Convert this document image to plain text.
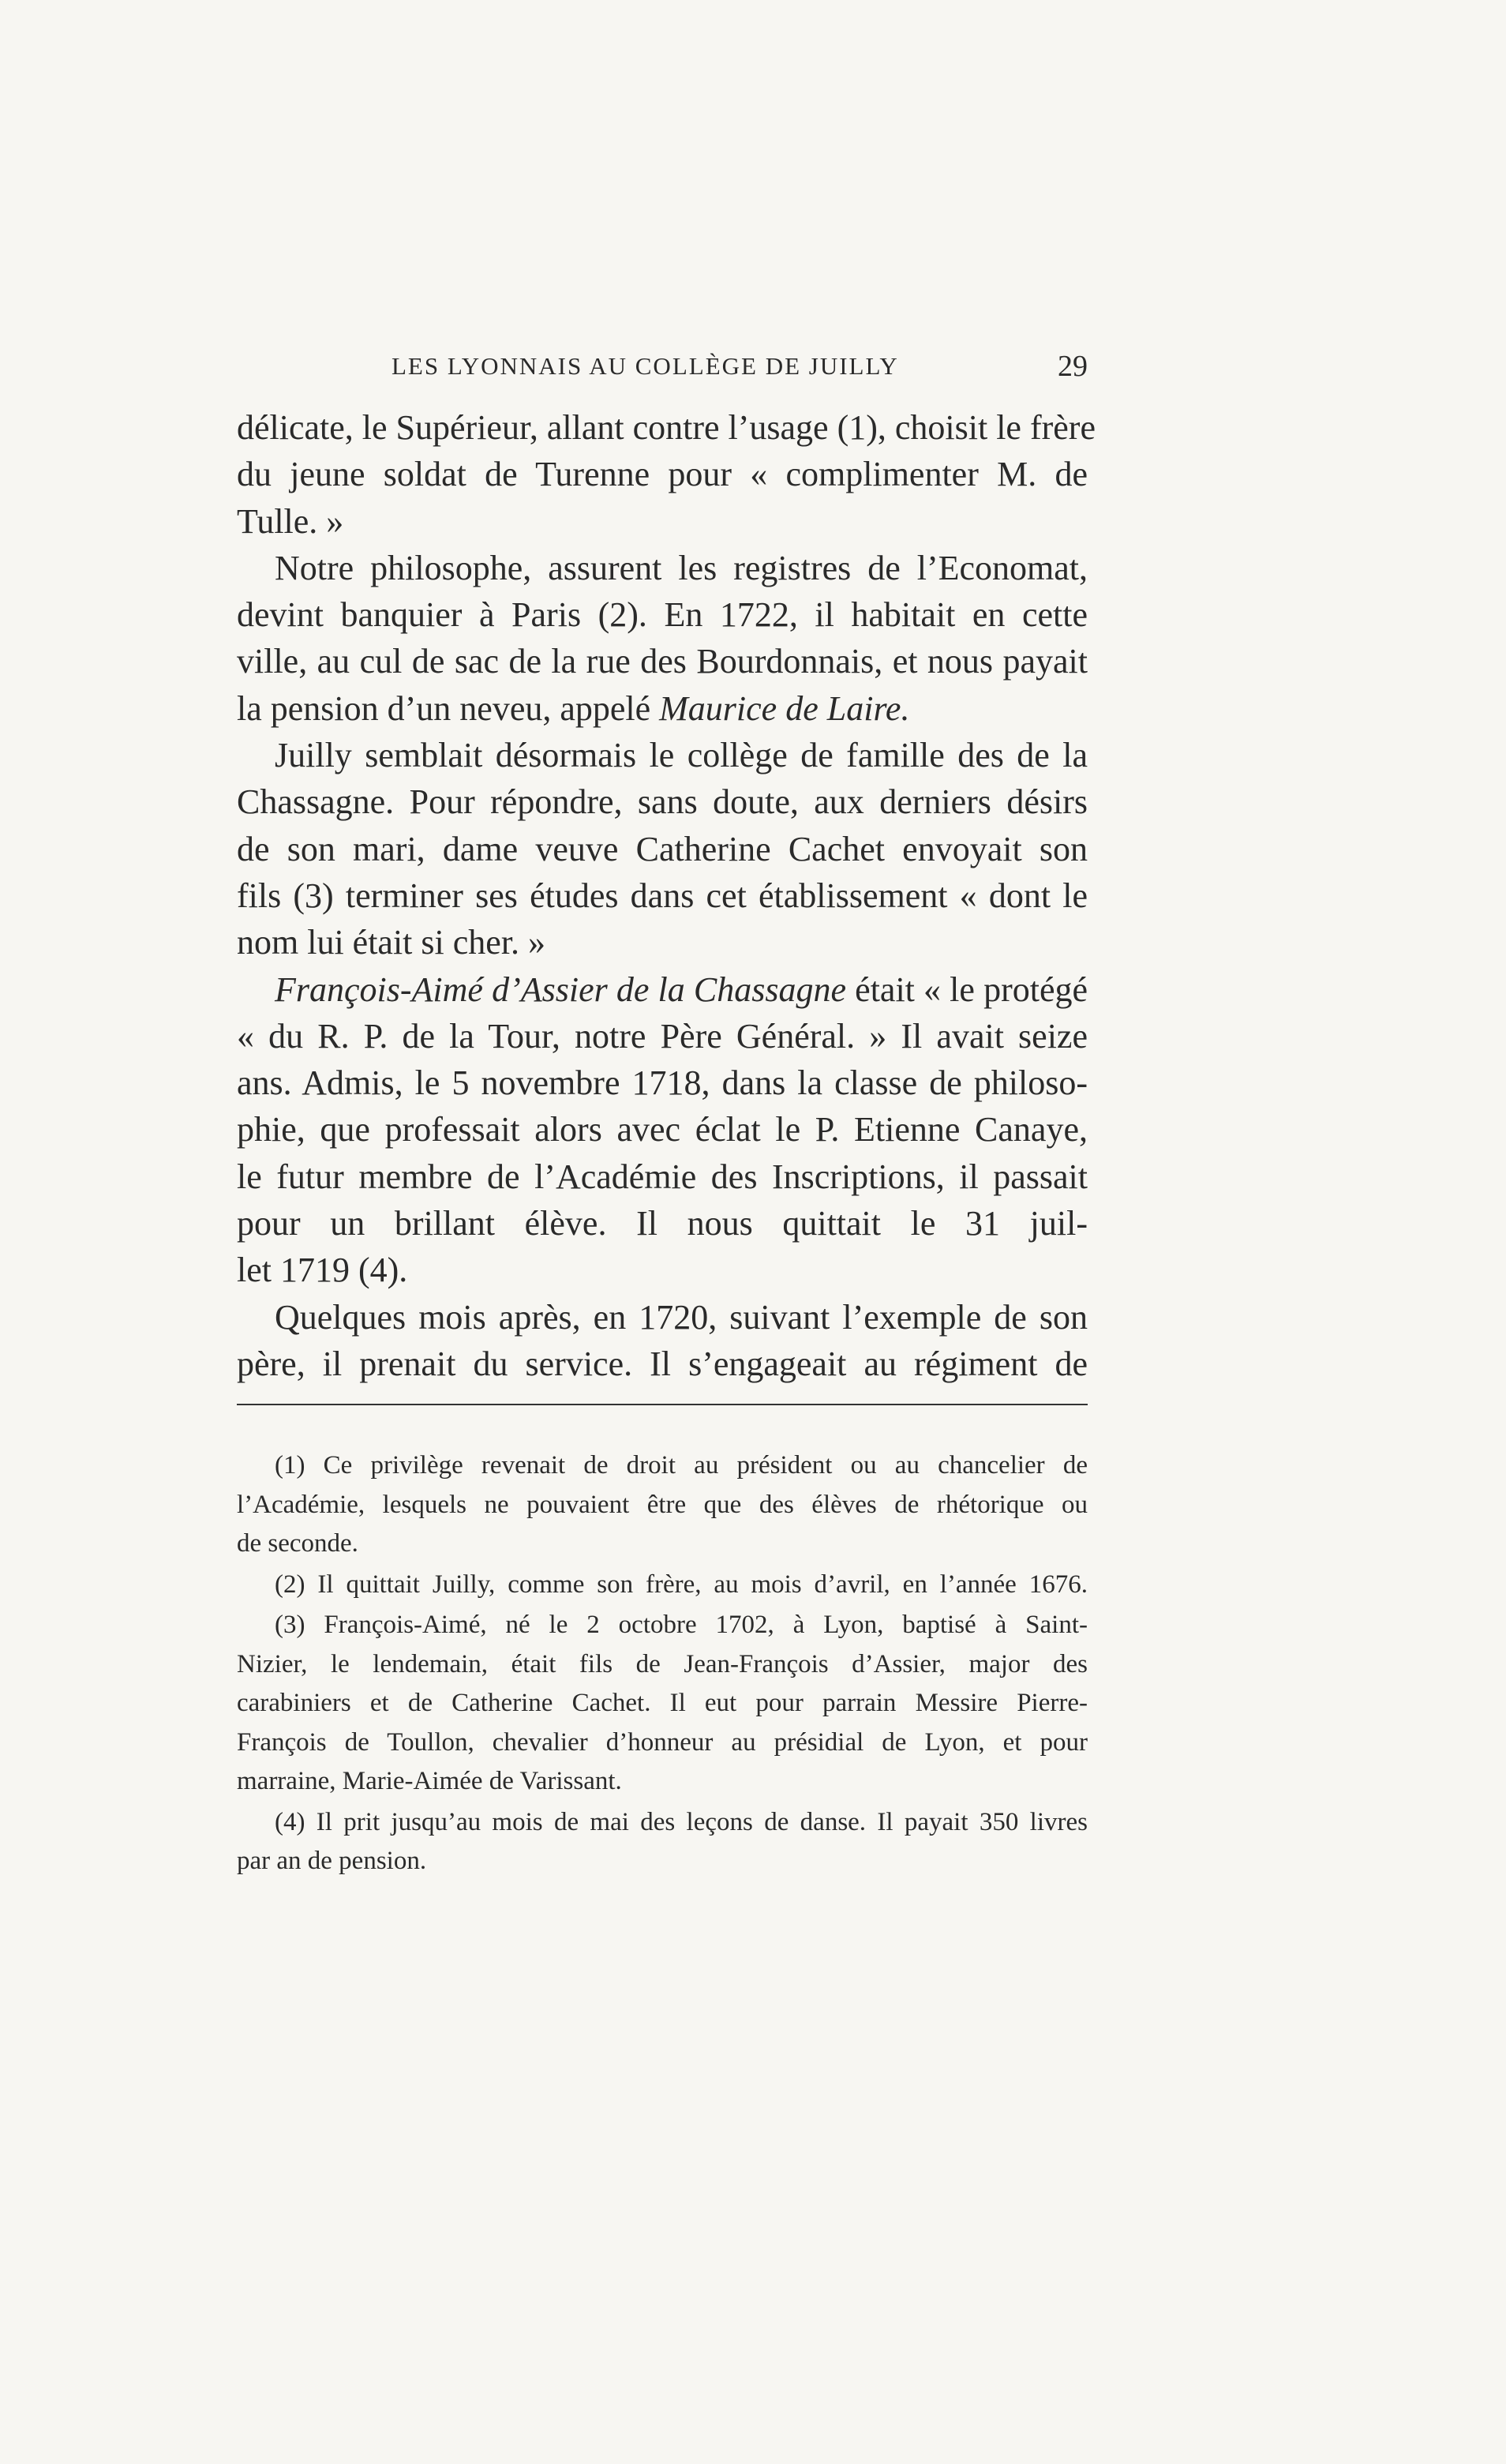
LES LYONNAIS AU COLLÈGE DE JUILLY	29
délicate, le Supérieur, allant contre l’usage (1), choisit le frère
du jeune soldat de Turenne pour « complimenter M. de
Tulle. »
Notre philosophe, assurent les registres de l’Economat,
devint banquier à Paris (2). En 1722, il habitait en cette
ville, au cul de sac de la rue des Bourdonnais, et nous payait
la pension d’un neveu, appelé Maurice de Laire.
Juilly semblait désormais le collège de famille des de la
Chassagne. Pour répondre, sans doute, aux derniers désirs
de son mari, dame veuve Catherine Cachet envoyait son
fils (3) terminer ses études dans cet établissement « dont le
nom lui était si cher. »
François-Aimé d’Assier de la Chassagne était « le protégé
« du R. P. de la Tour, notre Père Général. » Il avait seize
ans. Admis, le 5 novembre 1718, dans la classe de philoso-
phie, que professait alors avec éclat le P. Etienne Canaye,
le futur membre de l’Académie des Inscriptions, il passait
pour un brillant élève. Il nous quittait le 31 juil-
let 1719 (4).
Quelques mois après, en 1720, suivant l’exemple de son
père, il prenait du service. Il s’engageait au régiment de
(1) Ce privilège revenait de droit au président ou au chancelier de
l’Académie, lesquels ne pouvaient être que des élèves de rhétorique ou
de seconde.
(2) Il quittait Juilly, comme son frère, au mois d’avril, en l’année 1676.
(3) François-Aimé, né le 2 octobre 1702, à Lyon, baptisé à Saint-
Nizier, le lendemain, était fils de Jean-François d’Assier, major des
carabiniers et de Catherine Cachet. Il eut pour parrain Messire Pierre-
François de Toullon, chevalier d’honneur au présidial de Lyon, et pour
marraine, Marie-Aimée de Varissant.
(4) Il prit jusqu’au mois de mai des leçons de danse. Il payait 350 livres
par an de pension.
